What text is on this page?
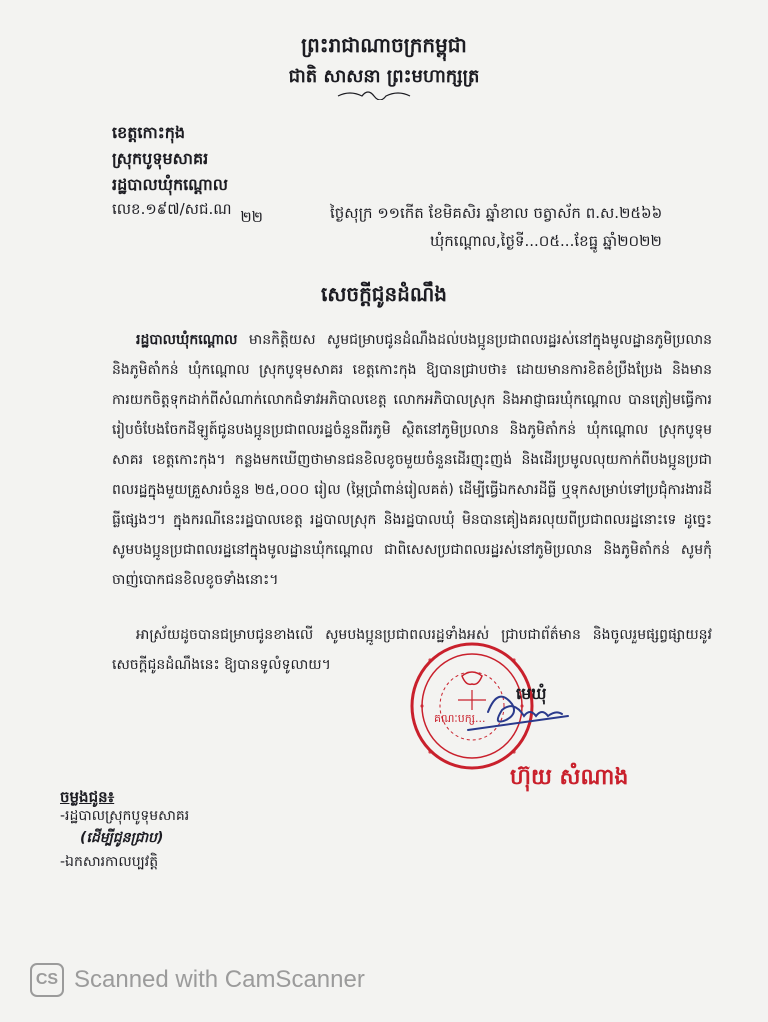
ព្រះរាជាណាចក្រកម្ពុជា
ជាតិ សាសនា ព្រះមហាក្សត្រ
ខេត្តកោះកុង
ស្រុកបូទុមសាគរ
រដ្ឋបាលឃុំកណ្តោល
លេខ.១៩៧/សជ.ណ ២២	ថ្ងៃសុក្រ ១១កើត ខែមិគសិរ ឆ្នាំខាល ចត្វាស័ក ព.ស.២៥៦៦
ឃុំកណ្តោល,ថ្ងៃទី...០៥...ខែធ្នូ ឆ្នាំ២០២២
សេចក្តីជូនដំណឹង
រដ្ឋបាលឃុំកណ្តោល មានកិត្តិយស សូមជម្រាបជូនដំណឹងដល់បងប្អូនប្រជាពលរដ្ឋរស់នៅក្នុងមូលដ្ឋានភូមិប្រលាន និងភូមិតាំកន់ ឃុំកណ្តោល ស្រុកបូទុមសាគរ ខេត្តកោះកុង ឱ្យបានជ្រាបថា៖ ដោយមានការខិតខំប្រឹងប្រែង និងមានការយកចិត្តទុកដាក់ពីសំណាក់លោកជំទាវអភិបាលខេត្ត លោកអភិបាលស្រុក និងអាជ្ញាធរឃុំកណ្តោល បានត្រៀមធ្វើការរៀបចំបែងចែកដីឡូត៍ជូនបងប្អូនប្រជាពលរដ្ឋចំនួនពីរភូមិ ស្ថិតនៅភូមិប្រលាន និងភូមិតាំកន់ ឃុំកណ្តោល ស្រុកបូទុមសាគរ ខេត្តកោះកុង។ កន្លងមកឃើញថាមានជនខិលខូចមួយចំនួនដើរញុះញង់ និងដើរប្រមូលលុយកាក់ពីបងប្អូនប្រជាពលរដ្ឋក្នុងមួយគ្រួសារចំនួន ២៥,០០០ រៀល (ម្ភៃប្រាំពាន់រៀលគត់) ដើម្បីធ្វើឯកសារដីធ្លី ឬទុកសម្រាប់ទៅប្រជុំការងារដីធ្លីផ្សេងៗ។ ក្នុងករណីនេះរដ្ឋបាលខេត្ត រដ្ឋបាលស្រុក និងរដ្ឋបាលឃុំ មិនបានគៀងគរលុយពីប្រជាពលរដ្ឋនោះទេ ដូច្នេះសូមបងប្អូនប្រជាពលរដ្ឋនៅក្នុងមូលដ្ឋានឃុំកណ្តោល ជាពិសេសប្រជាពលរដ្ឋរស់នៅភូមិប្រលាន និងភូមិតាំកន់ សូមកុំចាញ់បោកជនខិលខូចទាំងនោះ។
អាស្រ័យដូចបានជម្រាបជូនខាងលើ សូមបងប្អូនប្រជាពលរដ្ឋទាំងអស់ ជ្រាបជាព័ត៌មាន និងចូលរួមផ្សព្វផ្សាយនូវសេចក្តីជូនដំណឹងនេះ ឱ្យបានទូលំទូលាយ។
គណៈបក្ស...
មេឃុំ
ហ៊ុយ សំណាង
ចម្លងជូន៖
-រដ្ឋបាលស្រុកបូទុមសាគរ
(ដើម្បីជូនជ្រាប)
-ឯកសារកាលប្បវត្តិ
CS Scanned with CamScanner
